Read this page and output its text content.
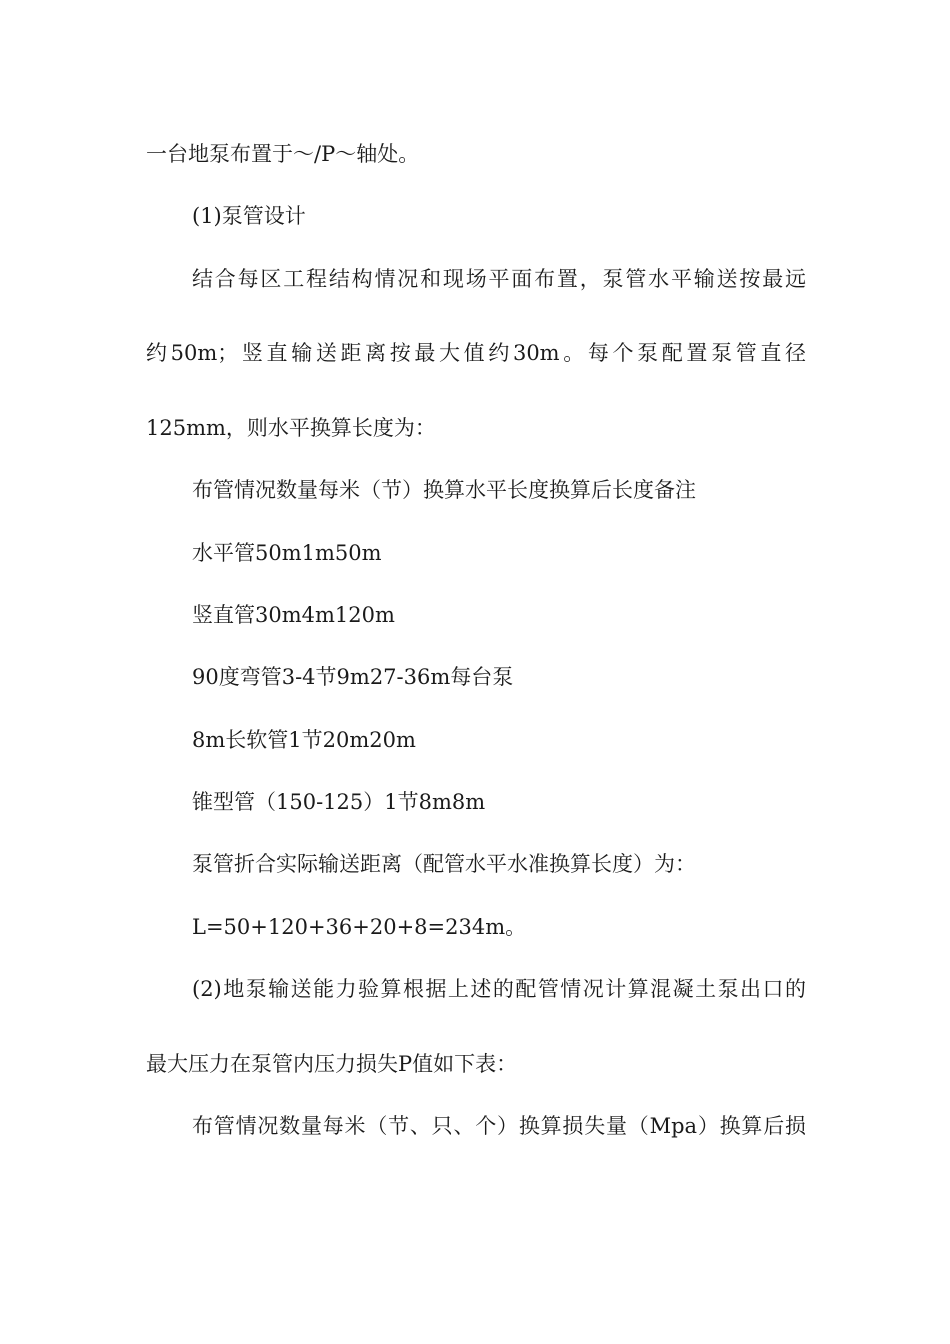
一台地泵布置于～/P～轴处。
(1)泵管设计
结合每区工程结构情况和现场平面布置，泵管水平输送按最远
约50m；竖直输送距离按最大值约30m。每个泵配置泵管直径
125mm，则水平换算长度为：
布管情况数量每米（节）换算水平长度换算后长度备注
水平管50m1m50m
竖直管30m4m120m
90度弯管3-4节9m27-36m每台泵
8m长软管1节20m20m
锥型管（150-125）1节8m8m
泵管折合实际输送距离（配管水平水准换算长度）为：
L=50+120+36+20+8=234m。
(2)地泵输送能力验算根据上述的配管情况计算混凝土泵出口的
最大压力在泵管内压力损失P值如下表：
布管情况数量每米（节、只、个）换算损失量（Mpa）换算后损
